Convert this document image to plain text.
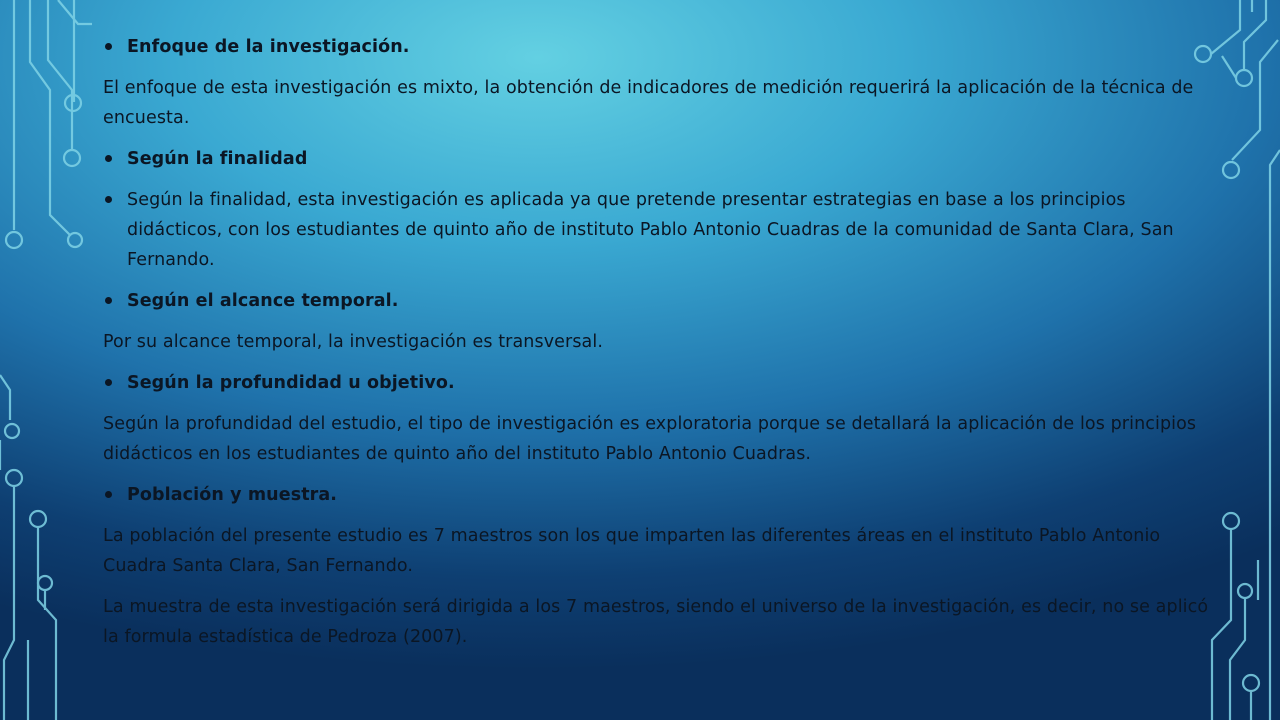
Enfoque de la investigación.
El enfoque de esta investigación es mixto, la obtención de indicadores de medición requerirá la aplicación de la técnica de encuesta.
Según la finalidad
Según la finalidad, esta investigación es aplicada ya que pretende presentar estrategias en base a los principios didácticos, con los estudiantes de quinto año de instituto Pablo Antonio Cuadras de la comunidad de Santa Clara, San Fernando.
Según el alcance temporal.
Por su alcance temporal, la investigación es transversal.
Según la profundidad u objetivo.
Según la profundidad del estudio, el tipo de investigación es exploratoria porque se detallará la aplicación de los principios didácticos en los estudiantes de quinto año del instituto Pablo Antonio Cuadras.
Población y muestra.
La población del presente estudio es 7 maestros son los que imparten las diferentes áreas en el instituto Pablo Antonio Cuadra Santa Clara, San Fernando.
La muestra de esta investigación será dirigida a los 7 maestros, siendo el universo de la investigación, es decir, no se aplicó la formula estadística de Pedroza (2007).
